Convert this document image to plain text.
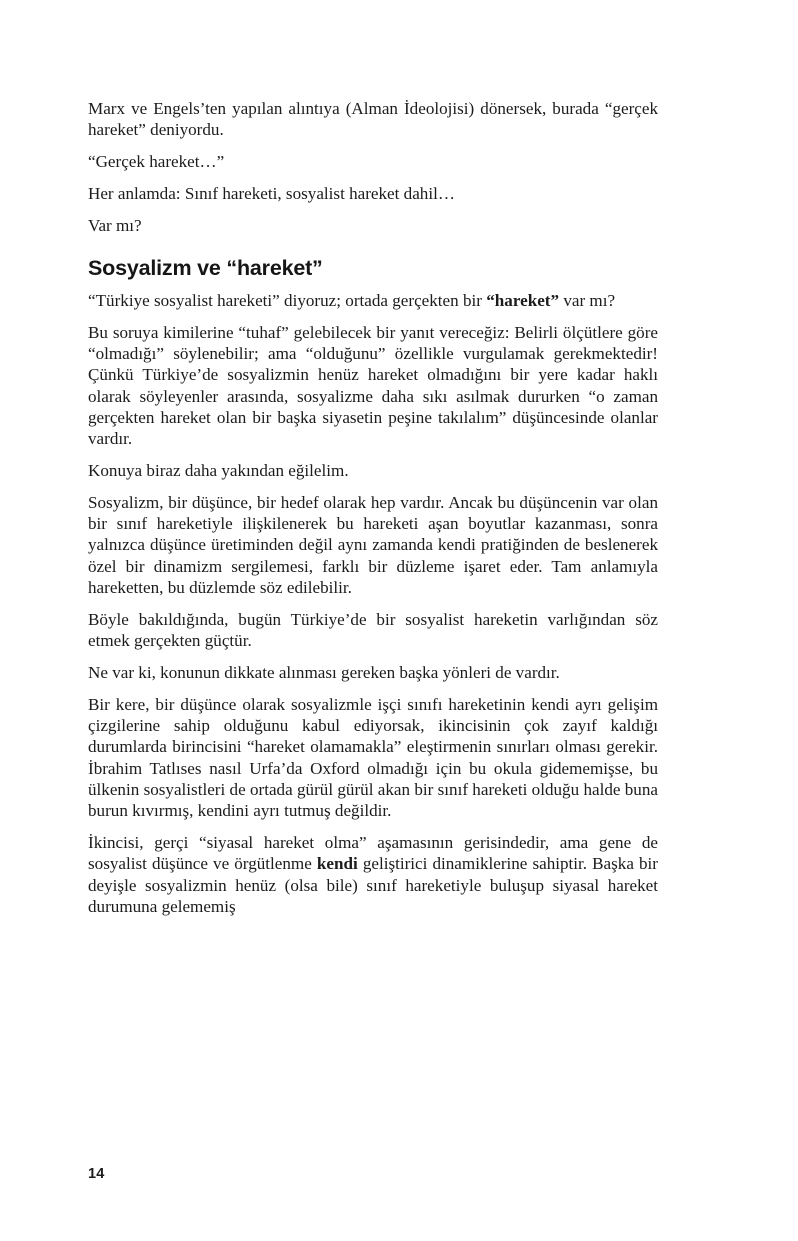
Marx ve Engels’ten yapılan alıntıya (Alman İdeolojisi) dönersek, burada “gerçek hareket” deniyordu.

“Gerçek hareket…”

Her anlamda: Sınıf hareketi, sosyalist hareket dahil…

Var mı?

Sosyalizm ve “hareket”

“Türkiye sosyalist hareketi” diyoruz; ortada gerçekten bir “hareket” var mı?

Bu soruya kimilerine “tuhaf” gelebilecek bir yanıt vereceğiz: Belirli ölçütlere göre “olmadığı” söylenebilir; ama “olduğunu” özellikle vurgulamak gerekmektedir! Çünkü Türkiye’de sosyalizmin henüz hareket olmadığını bir yere kadar haklı olarak söyleyenler arasında, sosyalizme daha sıkı asılmak dururken “o zaman gerçekten hareket olan bir başka siyasetin peşine takılalım” düşüncesinde olanlar vardır.

Konuya biraz daha yakından eğilelim.

Sosyalizm, bir düşünce, bir hedef olarak hep vardır. Ancak bu düşüncenin var olan bir sınıf hareketiyle ilişkilenerek bu hareketi aşan boyutlar kazanması, sonra yalnızca düşünce üretiminden değil aynı zamanda kendi pratiğinden de beslenerek özel bir dinamizm sergilemesi, farklı bir düzleme işaret eder. Tam anlamıyla hareketten, bu düzlemde söz edilebilir.

Böyle bakıldığında, bugün Türkiye’de bir sosyalist hareketin varlığından söz etmek gerçekten güçtür.

Ne var ki, konunun dikkate alınması gereken başka yönleri de vardır.

Bir kere, bir düşünce olarak sosyalizmle işçi sınıfı hareketinin kendi ayrı gelişim çizgilerine sahip olduğunu kabul ediyorsak, ikincisinin çok zayıf kaldığı durumlarda birincisini “hareket olamamakla” eleştirmenin sınırları olması gerekir. İbrahim Tatlıses nasıl Urfa’da Oxford olmadığı için bu okula gidememişse, bu ülkenin sosyalistleri de ortada gürül gürül akan bir sınıf hareketi olduğu halde buna burun kıvırmış, kendini ayrı tutmuş değildir.

İkincisi, gerçi “siyasal hareket olma” aşamasının gerisindedir, ama gene de sosyalist düşünce ve örgütlenme kendi geliştirici dinamiklerine sahiptir. Başka bir deyişle sosyalizmin henüz (olsa bile) sınıf hareketiyle buluşup siyasal hareket durumuna gelememiş

14
